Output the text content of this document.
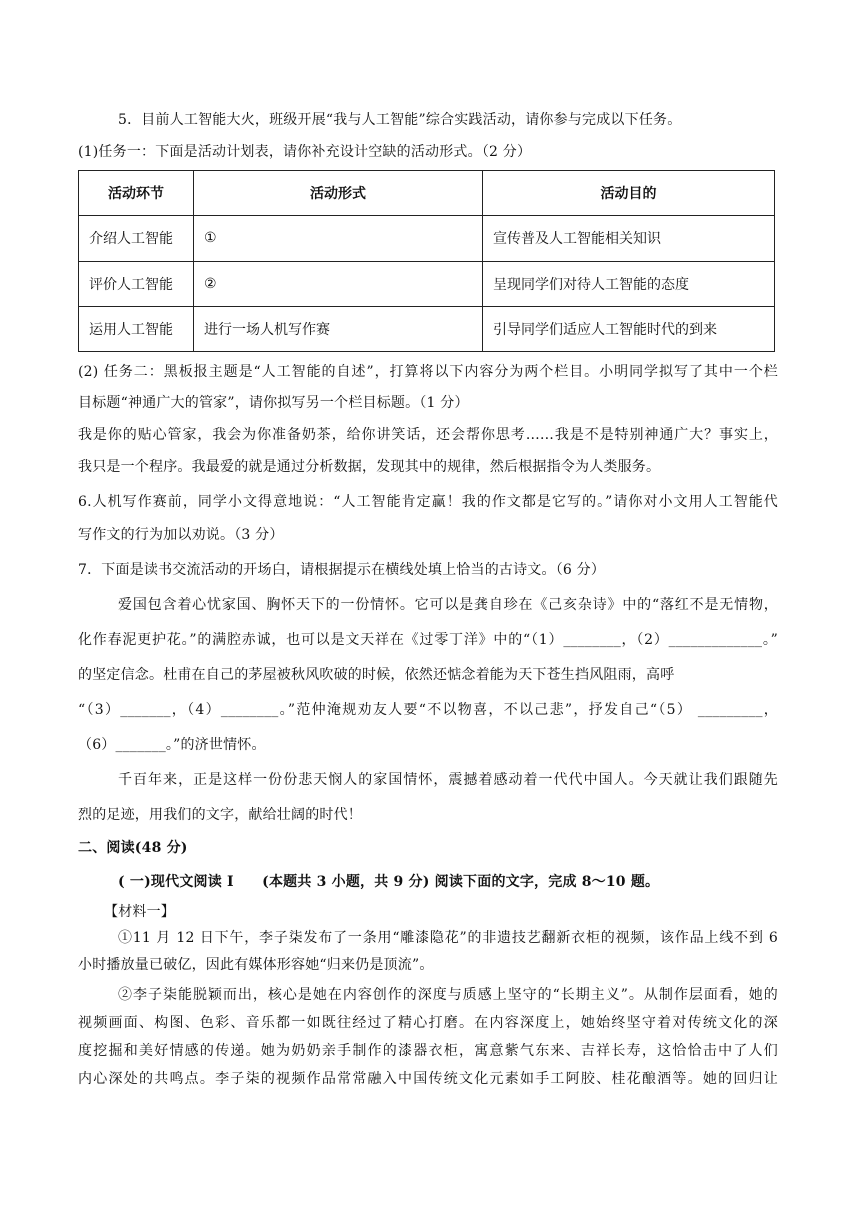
5．目前人工智能大火，班级开展“我与人工智能”综合实践活动，请你参与完成以下任务。
(1)任务一：下面是活动计划表，请你补充设计空缺的活动形式。（2 分）
活动环节	活动形式	活动目的
介绍人工智能	①	宣传普及人工智能相关知识
评价人工智能	②	呈现同学们对待人工智能的态度
运用人工智能	进行一场人机写作赛	引导同学们适应人工智能时代的到来
(2) 任务二：黑板报主题是“人工智能的自述”，打算将以下内容分为两个栏目。小明同学拟写了其中一个栏
目标题“神通广大的管家”，请你拟写另一个栏目标题。（1 分）
我是你的贴心管家，我会为你准备奶茶，给你讲笑话，还会帮你思考……我是不是特别神通广大？事实上，
我只是一个程序。我最爱的就是通过分析数据，发现其中的规律，然后根据指令为人类服务。
6.人机写作赛前，同学小文得意地说：“人工智能肯定赢！我的作文都是它写的。”请你对小文用人工智能代
写作文的行为加以劝说。（3 分）
7．下面是读书交流活动的开场白，请根据提示在横线处填上恰当的古诗文。（6 分）
爱国包含着心忧家国、胸怀天下的一份情怀。它可以是龚自珍在《己亥杂诗》中的“落红不是无情物，
化作春泥更护花。”的满腔赤诚，也可以是文天祥在《过零丁洋》中的“（1）________，（2）_____________。”
的坚定信念。杜甫在自己的茅屋被秋风吹破的时候，依然还惦念着能为天下苍生挡风阻雨，高呼
“（3）_______，（4）________。”范仲淹规劝友人要“不以物喜，不以己悲”，抒发自己“（5） _________，
（6）_______。”的济世情怀。
千百年来，正是这样一份份悲天悯人的家国情怀，震撼着感动着一代代中国人。今天就让我们跟随先
烈的足迹，用我们的文字，献给壮阔的时代！
二、阅读(48 分)
( 一)现代文阅读 I　　(本题共 3 小题，共 9 分) 阅读下面的文字，完成 8～10 题。
【材料一】
①11 月 12 日下午，李子柒发布了一条用“雕漆隐花”的非遗技艺翻新衣柜的视频，该作品上线不到 6
小时播放量已破亿，因此有媒体形容她“归来仍是顶流”。
②李子柒能脱颖而出，核心是她在内容创作的深度与质感上坚守的“长期主义”。从制作层面看，她的
视频画面、构图、色彩、音乐都一如既往经过了精心打磨。在内容深度上，她始终坚守着对传统文化的深
度挖掘和美好情感的传递。她为奶奶亲手制作的漆器衣柜，寓意紫气东来、吉祥长寿，这恰恰击中了人们
内心深处的共鸣点。李子柒的视频作品常常融入中国传统文化元素如手工阿胶、桂花酿酒等。她的回归让
